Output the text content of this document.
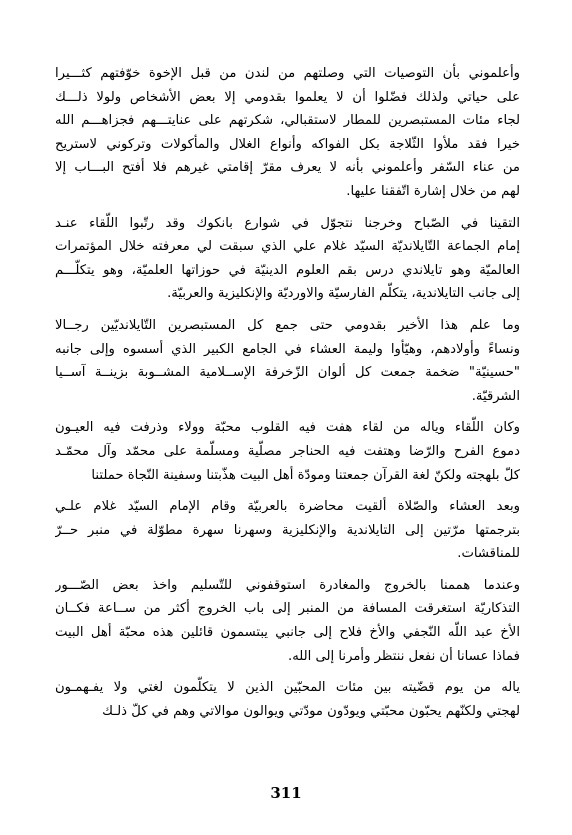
وأعلموني بأن التوصيات التي وصلتهم من لندن من قبل الإخوة خوّفتهم كثـــيرا
على حياتي ولذلك فضّلوا أن لا يعلموا بقدومي إلا بعض الأشخاص ولولا ذلـــك
لجاء مئات المستبصرين للمطار لاستقبالي، شكرتهم على عنايتـــهم فجزاهـــم الله
خيرا فقد ملأوا الثّلاجة بكل الفواكه وأنواع الغلال والمأكولات وتركوني لاستريح
من عناء السّفر وأعلموني بأنه لا يعرف مقرّ إقامتي غيرهم فلا أفتح البـــاب إلا
لهم من خلال إشارة اتّفقنا عليها.
التقينا في الصّباح وخرجنا نتجوّل في شوارع بانكوك وقد رتّبوا اللّقاء عنـد
إمام الجماعة التّايلانديّة السيّد غلام علي الذي سبقت لي معرفته خلال المؤتمرات
العالميّة وهو تايلاندي درس بقم العلوم الدينيّة في حوزاتها العلميّة، وهو يتكلّـــم
إلى جانب التايلاندية، يتكلّم الفارسيّة والاورديّة والإنكليزية والعربيّة.
وما علم هذا الأخير بقدومي حتى جمع كل المستبصرين التّايلانديّين رجــالا
ونساءً وأولادهم، وهيّأوا وليمة العشاء في الجامع الكبير الذي أسسوه وإلى جانبه
"حسينيّة" ضخمة جمعت كل ألوان الزّخرفة الإســلامية المشــوبة بزينــة آســيا
الشرقيّة.
وكان اللّقاء وياله من لقاء هفت فيه القلوب محبّة وولاء وذرفت فيه العيـون
دموع الفرح والرّضا وهتفت فيه الحناجر مصلّية ومسلّمة على محمّد وآل محمّـد
كلّ بلهجته ولكنّ لغة القرآن جمعتنا ومودّة أهل البيت هذّبتنا وسفينة النّجاة حملتنا
وبعد العشاء والصّلاة ألقيت محاضرة بالعربيّة وقام الإمام السيّد غلام علـي
بترجمتها مرّتين إلى التايلاندية والإنكليزية وسهرنا سهرة مطوّلة في منبر حــرّ
للمناقشات.
وعندما هممنا بالخروج والمغادرة استوقفوني للتّسليم واخذ بعض الصّـــور
التذكاريّة استغرقت المسافة من المنبر إلى باب الخروج أكثر من ســاعة فكــان
الأخ عبد اللّه النّجفي والأخ فلاح إلى جانبي يبتسمون قائلين هذه محبّة أهل البيت
فماذا عسانا أن نفعل ننتظر وأمرنا إلى الله.
ياله من يوم قضّيته بين مئات المحبّين الذين لا يتكلّمون لغتي ولا يفـهمـون
لهجتي ولكنّهم يحبّون محبّتي ويودّون مودّتي ويوالون موالاتي وهم في كلّ ذلـك
311
